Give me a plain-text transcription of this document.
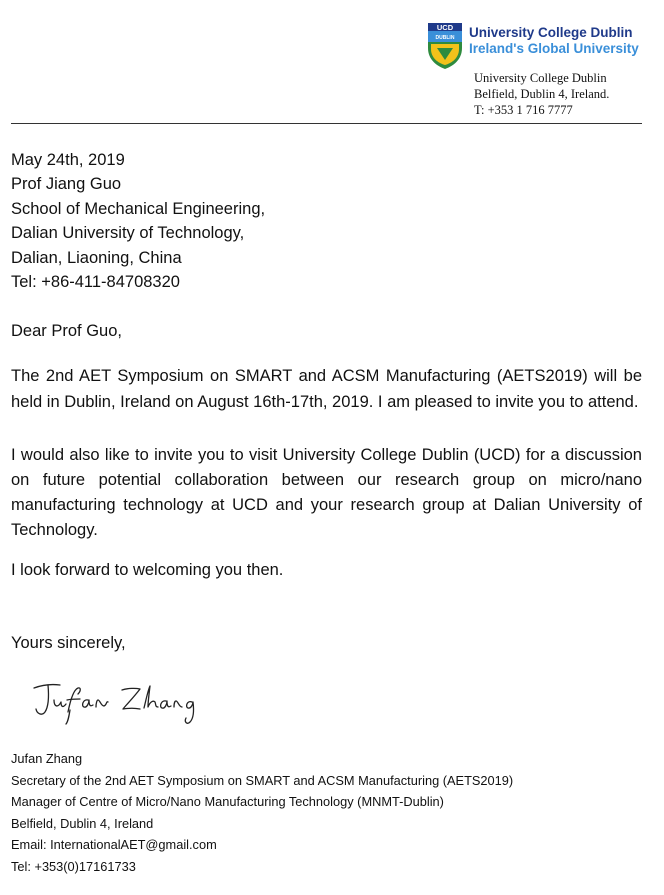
UCD
DUBLIN University College Dublin
Ireland's Global University
University College Dublin
Belfield, Dublin 4, Ireland.
T: +353 1 716 7777
May 24th, 2019
Prof Jiang Guo
School of Mechanical Engineering,
Dalian University of Technology,
Dalian, Liaoning, China
Tel: +86-411-84708320
Dear Prof Guo,
The 2nd AET Symposium on SMART and ACSM Manufacturing (AETS2019) will be held in Dublin, Ireland on August 16th-17th, 2019. I am pleased to invite you to attend.
I would also like to invite you to visit University College Dublin (UCD) for a discussion on future potential collaboration between our research group on micro/nano manufacturing technology at UCD and your research group at Dalian University of Technology.
I look forward to welcoming you then.
Yours sincerely,
Jufan Zhang
Secretary of the 2nd AET Symposium on SMART and ACSM Manufacturing (AETS2019)
Manager of Centre of Micro/Nano Manufacturing Technology (MNMT-Dublin)
Belfield, Dublin 4, Ireland
Email: InternationalAET@gmail.com
Tel: +353(0)17161733
